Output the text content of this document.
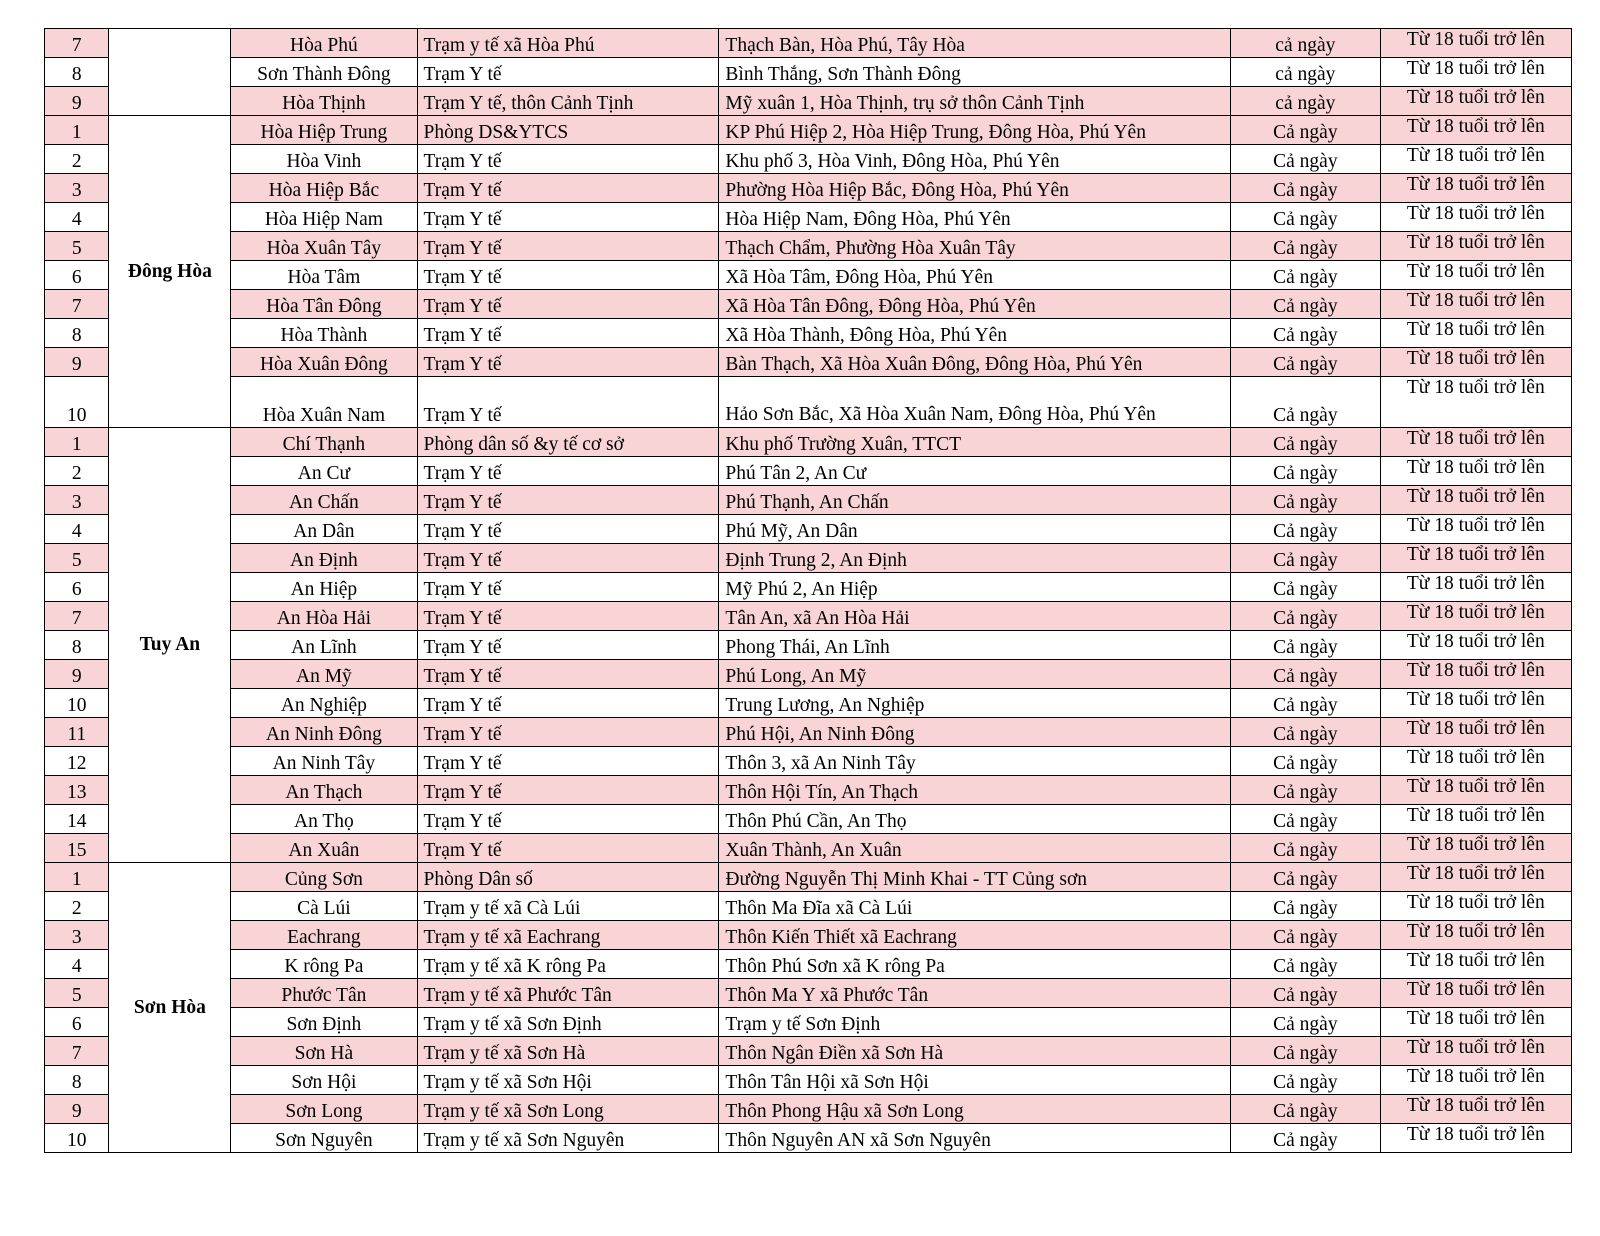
7		Hòa Phú	Trạm y tế xã Hòa Phú	Thạch Bàn, Hòa Phú, Tây Hòa	cả ngày	Từ 18 tuổi trở lên
8		Sơn Thành Đông	Trạm Y tế	Bình Thắng, Sơn Thành Đông	cả ngày	Từ 18 tuổi trở lên
9		Hòa Thịnh	Trạm Y tế, thôn Cảnh Tịnh	Mỹ xuân 1, Hòa Thịnh, trụ sở thôn Cảnh Tịnh	cả ngày	Từ 18 tuổi trở lên
1	Đông Hòa	Hòa Hiệp Trung	Phòng DS&YTCS	KP Phú Hiệp 2, Hòa Hiệp Trung, Đông Hòa, Phú Yên	Cả ngày	Từ 18 tuổi trở lên
2		Hòa Vinh	Trạm Y tế	Khu phố 3, Hòa Vinh, Đông Hòa, Phú Yên	Cả ngày	Từ 18 tuổi trở lên
3		Hòa Hiệp Bắc	Trạm Y tế	Phường Hòa Hiệp Bắc, Đông Hòa, Phú Yên	Cả ngày	Từ 18 tuổi trở lên
4		Hòa Hiệp Nam	Trạm Y tế	Hòa Hiệp Nam, Đông Hòa, Phú Yên	Cả ngày	Từ 18 tuổi trở lên
5		Hòa Xuân Tây	Trạm Y tế	Thạch Chẩm, Phường Hòa Xuân Tây	Cả ngày	Từ 18 tuổi trở lên
6		Hòa Tâm	Trạm Y tế	Xã Hòa Tâm, Đông Hòa, Phú Yên	Cả ngày	Từ 18 tuổi trở lên
7		Hòa Tân Đông	Trạm Y tế	Xã Hòa Tân Đông, Đông Hòa, Phú Yên	Cả ngày	Từ 18 tuổi trở lên
8		Hòa Thành	Trạm Y tế	Xã Hòa Thành, Đông Hòa, Phú Yên	Cả ngày	Từ 18 tuổi trở lên
9		Hòa Xuân Đông	Trạm Y tế	Bàn Thạch, Xã Hòa Xuân Đông, Đông Hòa, Phú Yên	Cả ngày	Từ 18 tuổi trở lên
10		Hòa Xuân Nam	Trạm Y tế	Hảo Sơn Bắc, Xã Hòa Xuân Nam, Đông Hòa, Phú Yên	Cả ngày	Từ 18 tuổi trở lên
1	Tuy An	Chí Thạnh	Phòng dân số &y tế cơ sở	Khu phố Trường Xuân, TTCT	Cả ngày	Từ 18 tuổi trở lên
2		An Cư	Trạm Y tế	Phú Tân 2, An Cư	Cả ngày	Từ 18 tuổi trở lên
3		An Chấn	Trạm Y tế	Phú Thạnh, An Chấn	Cả ngày	Từ 18 tuổi trở lên
4		An Dân	Trạm Y tế	Phú Mỹ, An Dân	Cả ngày	Từ 18 tuổi trở lên
5		An Định	Trạm Y tế	Định Trung 2, An Định	Cả ngày	Từ 18 tuổi trở lên
6		An Hiệp	Trạm Y tế	Mỹ Phú 2, An Hiệp	Cả ngày	Từ 18 tuổi trở lên
7		An Hòa Hải	Trạm Y tế	Tân An, xã An Hòa Hải	Cả ngày	Từ 18 tuổi trở lên
8		An Lĩnh	Trạm Y tế	Phong Thái, An Lĩnh	Cả ngày	Từ 18 tuổi trở lên
9		An Mỹ	Trạm Y tế	Phú Long, An Mỹ	Cả ngày	Từ 18 tuổi trở lên
10		An Nghiệp	Trạm Y tế	Trung Lương, An Nghiệp	Cả ngày	Từ 18 tuổi trở lên
11		An Ninh Đông	Trạm Y tế	Phú Hội, An Ninh Đông	Cả ngày	Từ 18 tuổi trở lên
12		An Ninh Tây	Trạm Y tế	Thôn 3, xã An Ninh Tây	Cả ngày	Từ 18 tuổi trở lên
13		An Thạch	Trạm Y tế	Thôn Hội Tín, An Thạch	Cả ngày	Từ 18 tuổi trở lên
14		An Thọ	Trạm Y tế	Thôn Phú Cần, An Thọ	Cả ngày	Từ 18 tuổi trở lên
15		An Xuân	Trạm Y tế	Xuân Thành, An Xuân	Cả ngày	Từ 18 tuổi trở lên
1	Sơn Hòa	Củng Sơn	Phòng Dân số	Đường Nguyễn Thị Minh Khai - TT Củng sơn	Cả ngày	Từ 18 tuổi trở lên
2		Cà Lúi	Trạm y tế xã Cà Lúi	Thôn Ma Đĩa xã Cà Lúi	Cả ngày	Từ 18 tuổi trở lên
3		Eachrang	Trạm y tế xã Eachrang	Thôn Kiến Thiết xã Eachrang	Cả ngày	Từ 18 tuổi trở lên
4		K rông Pa	Trạm y tế xã K rông Pa	Thôn Phú Sơn xã K rông Pa	Cả ngày	Từ 18 tuổi trở lên
5		Phước Tân	Trạm y tế xã Phước Tân	Thôn Ma Y xã Phước Tân	Cả ngày	Từ 18 tuổi trở lên
6		Sơn Định	Trạm y tế xã Sơn Định	Trạm y tế Sơn Định	Cả ngày	Từ 18 tuổi trở lên
7		Sơn Hà	Trạm y tế xã Sơn Hà	Thôn Ngân Điền xã Sơn Hà	Cả ngày	Từ 18 tuổi trở lên
8		Sơn Hội	Trạm y tế xã Sơn Hội	Thôn Tân Hội xã Sơn Hội	Cả ngày	Từ 18 tuổi trở lên
9		Sơn Long	Trạm y tế xã Sơn Long	Thôn Phong Hậu xã Sơn Long	Cả ngày	Từ 18 tuổi trở lên
10		Sơn Nguyên	Trạm y tế xã Sơn Nguyên	Thôn Nguyên AN xã Sơn Nguyên	Cả ngày	Từ 18 tuổi trở lên
